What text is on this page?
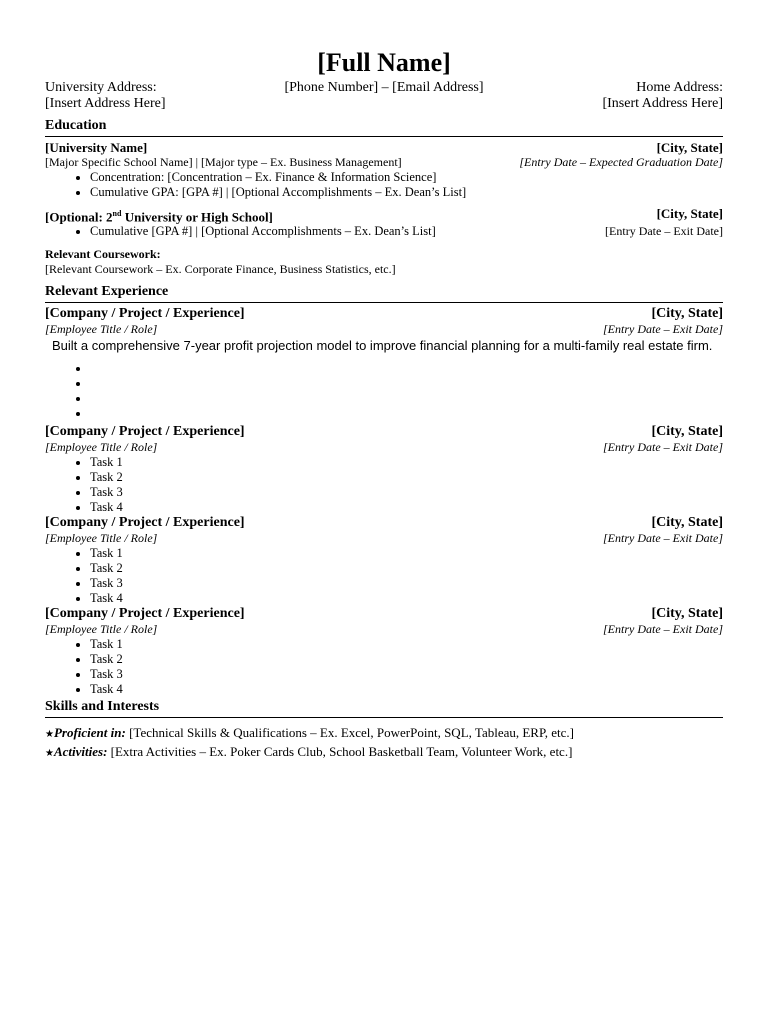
[Full Name]
University Address:
[Insert Address Here]
[Phone Number] – [Email Address]	Home Address:
[Insert Address Here]
Education
[University Name]	[City, State]
[Major Specific School Name] | [Major type – Ex. Business Management]	[Entry Date – Expected Graduation Date]
• Concentration: [Concentration – Ex. Finance & Information Science]
• Cumulative GPA: [GPA #] | [Optional Accomplishments – Ex. Dean’s List]
[Optional: 2nd University or High School]	[City, State]
• Cumulative [GPA #] | [Optional Accomplishments – Ex. Dean’s List]	[Entry Date – Exit Date]
Relevant Coursework:
[Relevant Coursework – Ex. Corporate Finance, Business Statistics, etc.]
Relevant Experience
[Company / Project / Experience]	[City, State]
[Employee Title / Role]	[Entry Date – Exit Date]
Built a comprehensive 7-year profit projection model to improve financial planning for a multi-family real estate firm.
•
•
•
•
[Company / Project / Experience]	[City, State]
[Employee Title / Role]	[Entry Date – Exit Date]
• Task 1
• Task 2
• Task 3
• Task 4
[Company / Project / Experience]	[City, State]
[Employee Title / Role]	[Entry Date – Exit Date]
• Task 1
• Task 2
• Task 3
• Task 4
[Company / Project / Experience]	[City, State]
[Employee Title / Role]	[Entry Date – Exit Date]
• Task 1
• Task 2
• Task 3
• Task 4
Skills and Interests
★Proficient in: [Technical Skills & Qualifications – Ex. Excel, PowerPoint, SQL, Tableau, ERP, etc.]
★Activities: [Extra Activities – Ex. Poker Cards Club, School Basketball Team, Volunteer Work, etc.]
